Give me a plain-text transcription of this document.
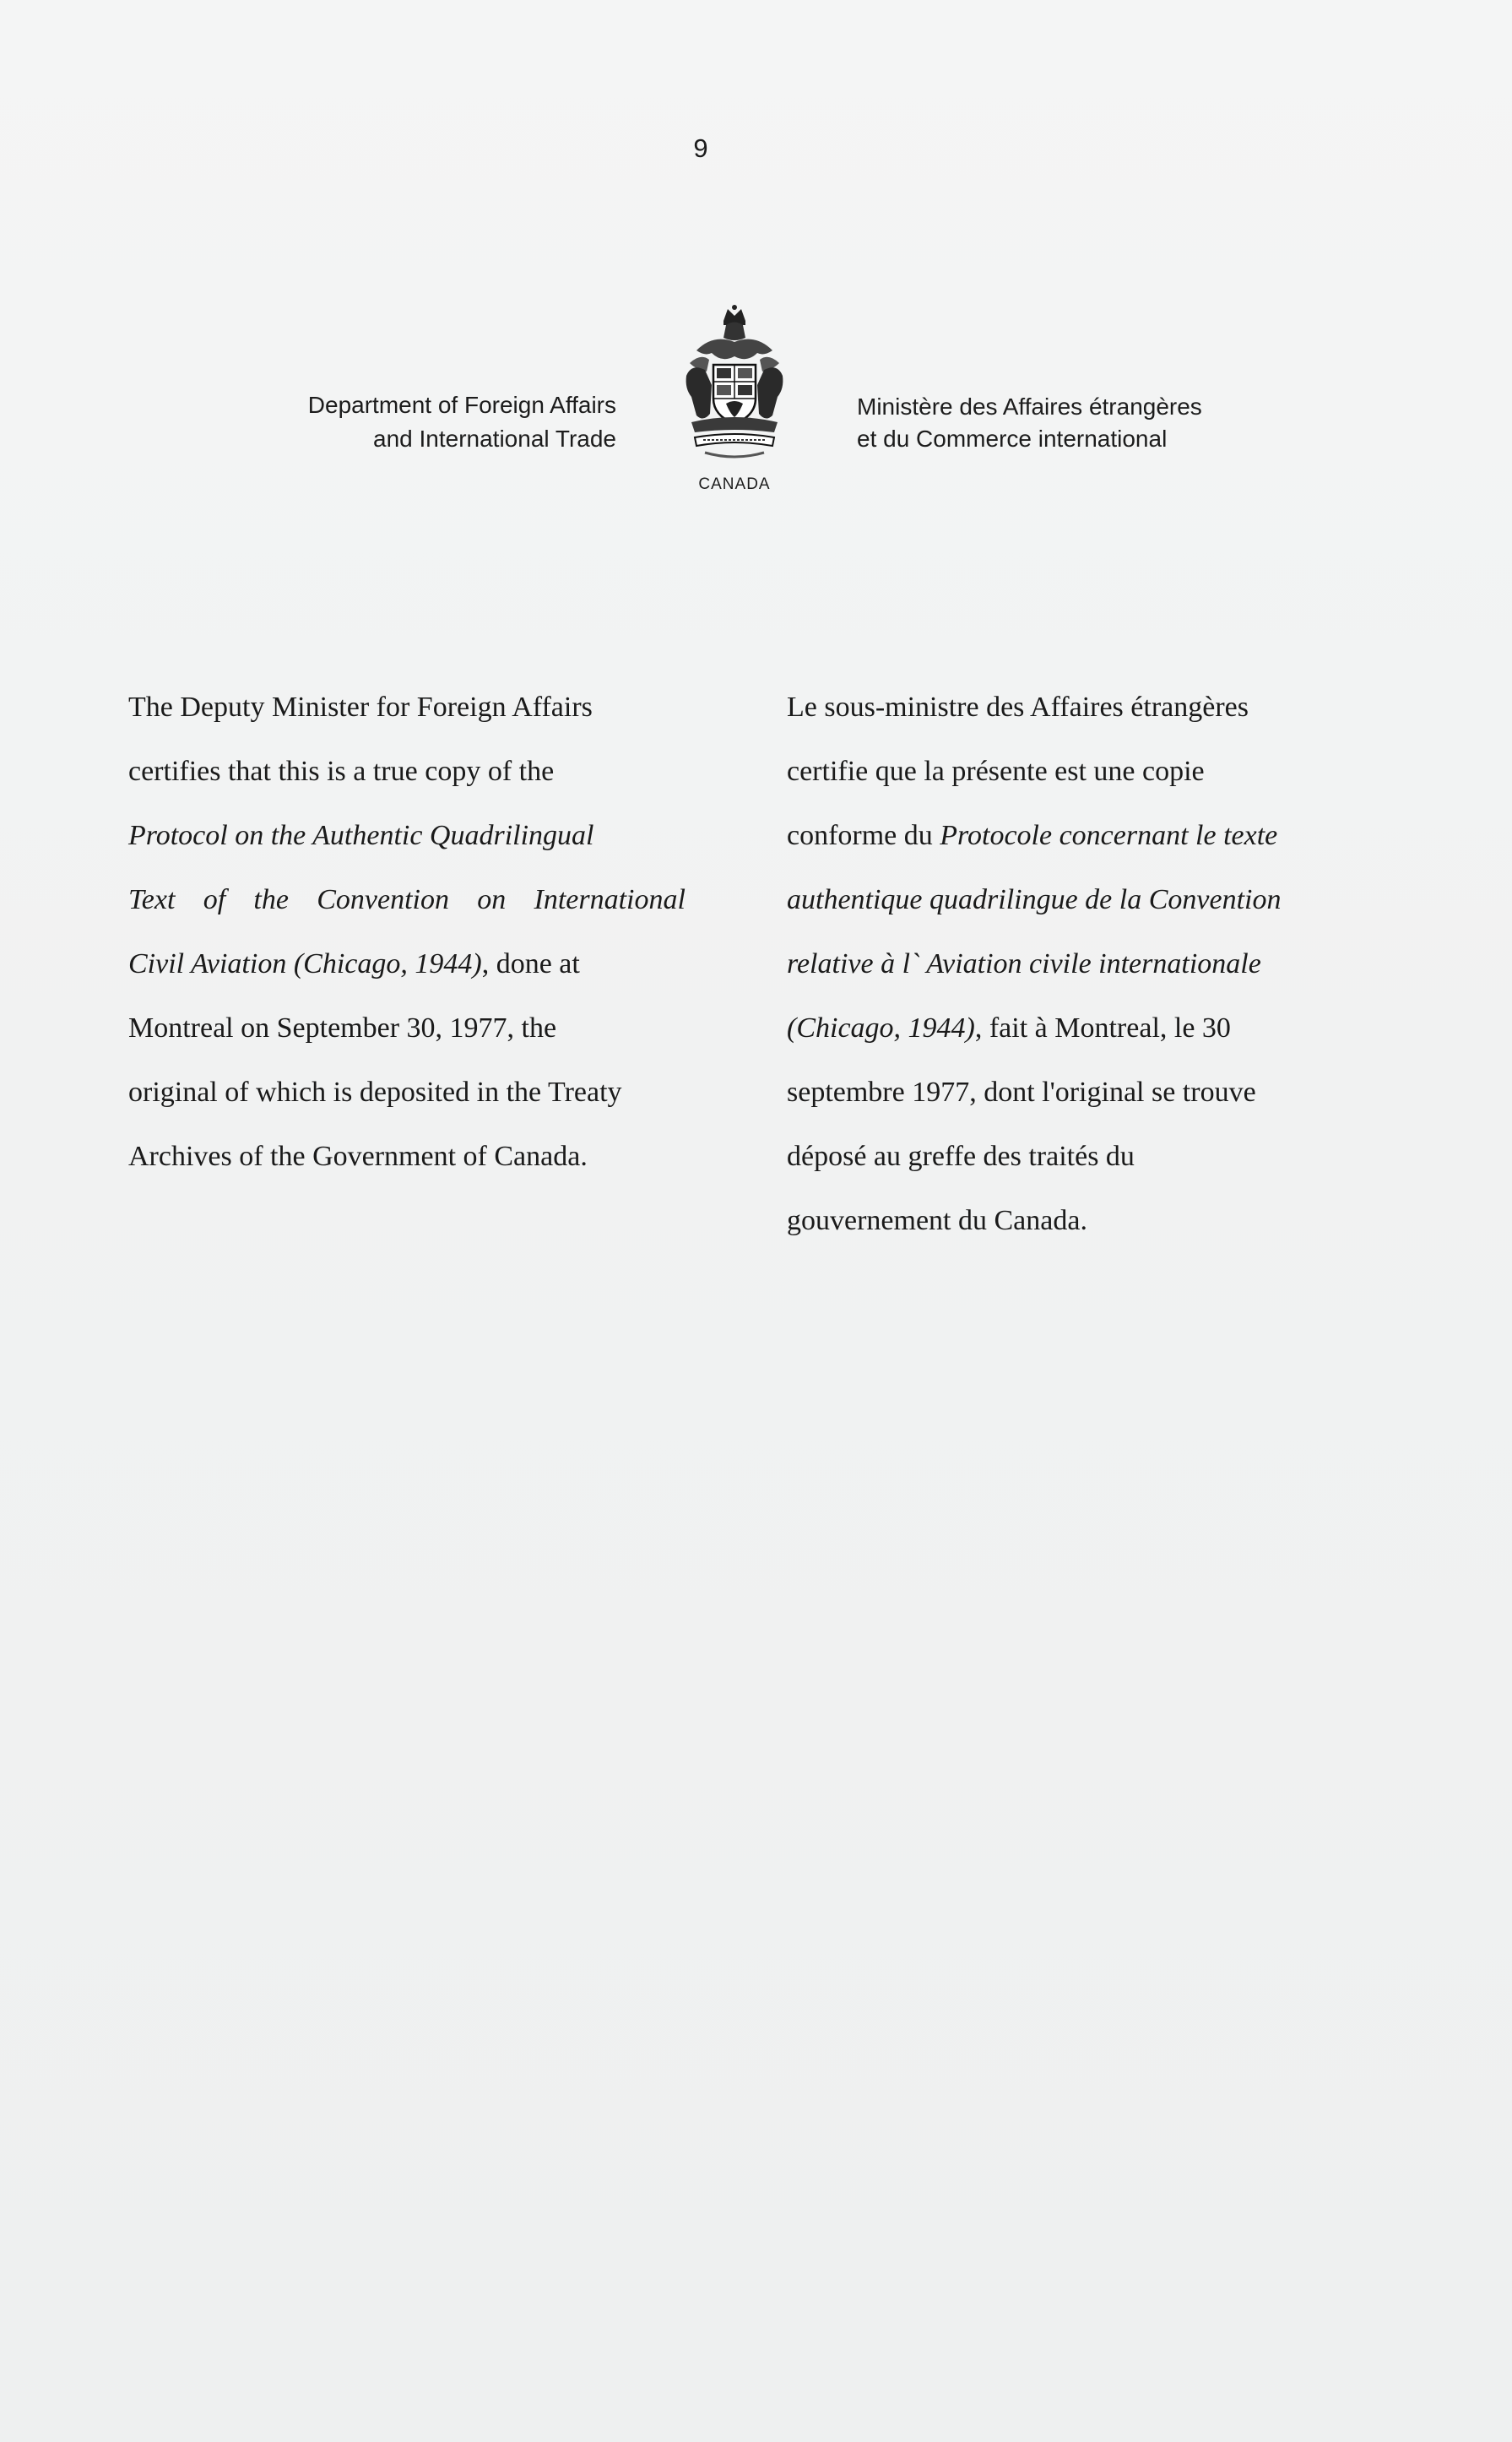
9
Department of Foreign Affairs
and International Trade
CANADA
Ministère des Affaires étrangères
et du Commerce international
The Deputy Minister for Foreign Affairs
certifies that this is a true copy of the
Protocol on the Authentic Quadrilingual
Text of the Convention on International
Civil Aviation (Chicago, 1944), done at
Montreal on September 30, 1977, the
original of which is deposited in the Treaty
Archives of the Government of Canada.
Le sous-ministre des Affaires étrangères
certifie que la présente est une copie
conforme du Protocole concernant le texte
authentique quadrilingue de la Convention
relative à l` Aviation civile internationale
(Chicago, 1944), fait à Montreal, le 30
septembre 1977, dont l'original se trouve
déposé au greffe des traités du
gouvernement du Canada.
